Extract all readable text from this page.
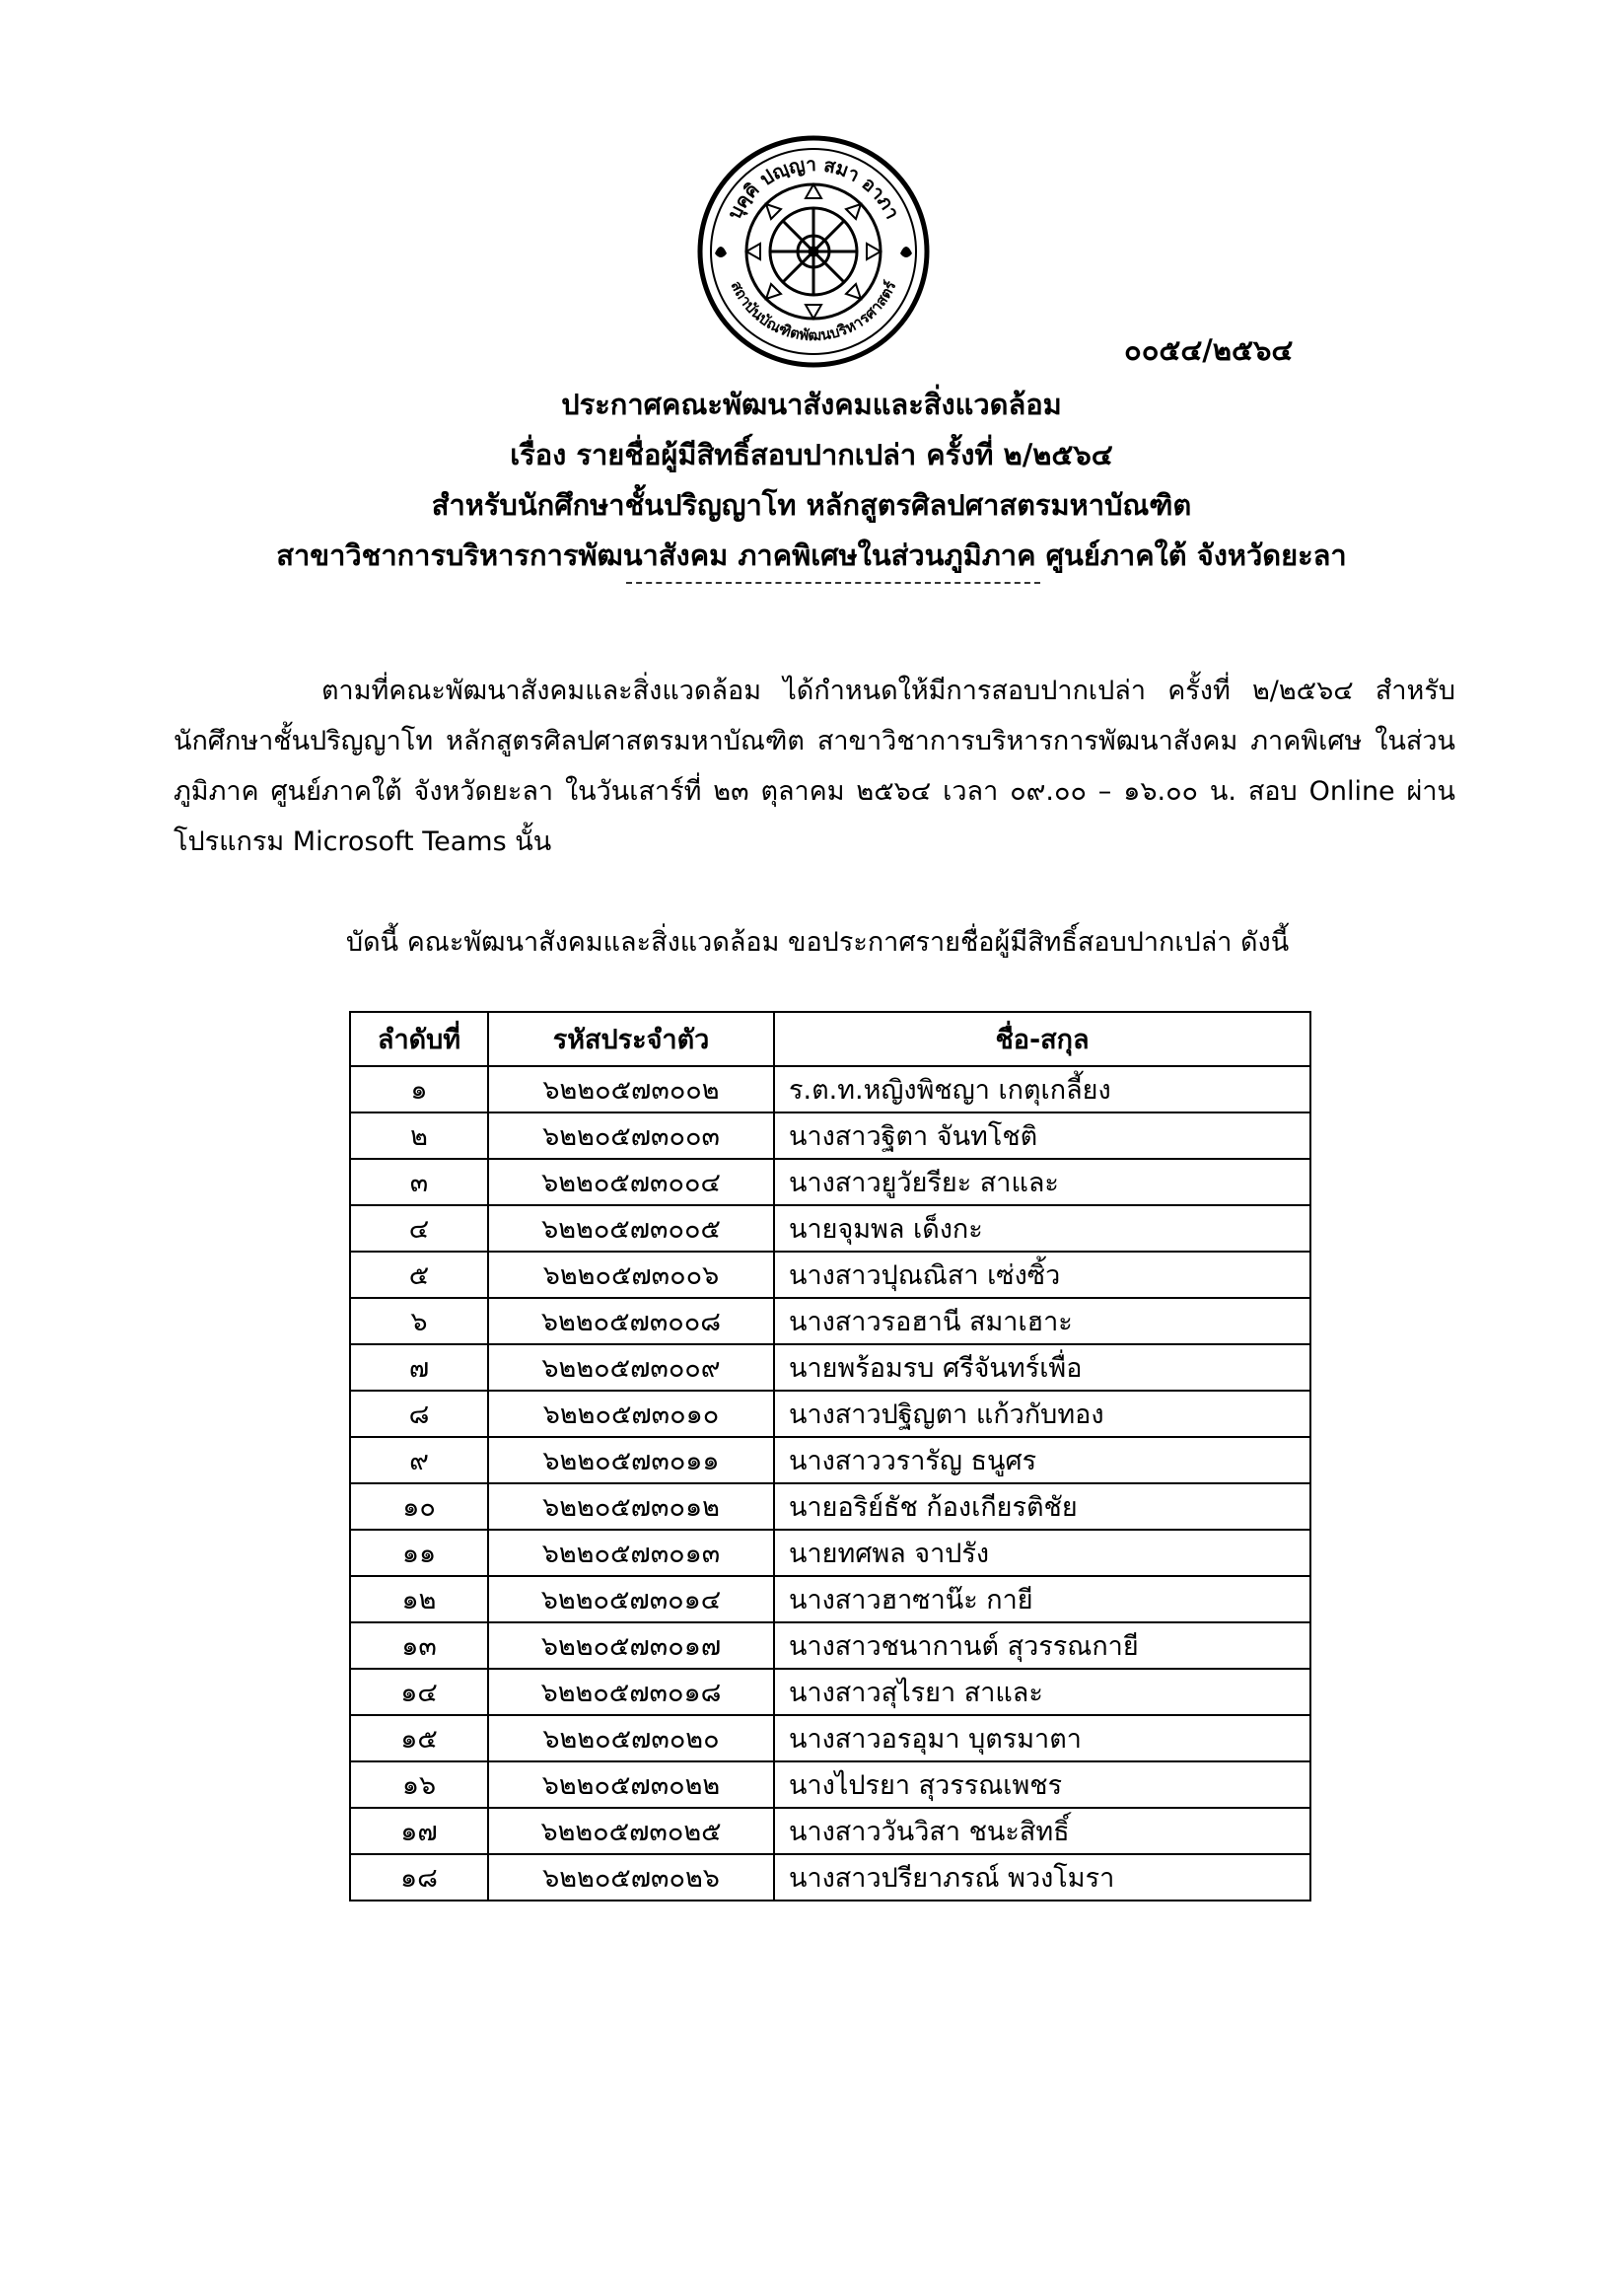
บุคฺคิ ปญฺญา สมา อาภา
สถาบันบัณฑิตพัฒนบริหารศาสตร์
๐๐๕๔/๒๕๖๔
ประกาศคณะพัฒนาสังคมและสิ่งแวดล้อม
เรื่อง รายชื่อผู้มีสิทธิ์สอบปากเปล่า ครั้งที่ ๒/๒๕๖๔
สำหรับนักศึกษาชั้นปริญญาโท หลักสูตรศิลปศาสตรมหาบัณฑิต
สาขาวิชาการบริหารการพัฒนาสังคม ภาคพิเศษในส่วนภูมิภาค ศูนย์ภาคใต้ จังหวัดยะลา
ตามที่คณะพัฒนาสังคมและสิ่งแวดล้อม ได้กำหนดให้มีการสอบปากเปล่า ครั้งที่ ๒/๒๕๖๔ สำหรับนักศึกษาชั้นปริญญาโท หลักสูตรศิลปศาสตรมหาบัณฑิต สาขาวิชาการบริหารการพัฒนาสังคม ภาคพิเศษ ในส่วนภูมิภาค ศูนย์ภาคใต้ จังหวัดยะลา ในวันเสาร์ที่ ๒๓ ตุลาคม ๒๕๖๔ เวลา ๐๙.๐๐ – ๑๖.๐๐ น. สอบ Online ผ่านโปรแกรม Microsoft Teams นั้น
บัดนี้ คณะพัฒนาสังคมและสิ่งแวดล้อม ขอประกาศรายชื่อผู้มีสิทธิ์สอบปากเปล่า ดังนี้
ลำดับที่	รหัสประจำตัว	ชื่อ-สกุล
๑	๖๒๒๐๕๗๓๐๐๒	ร.ต.ท.หญิงพิชญา เกตุเกลี้ยง
๒	๖๒๒๐๕๗๓๐๐๓	นางสาวฐิตา จันทโชติ
๓	๖๒๒๐๕๗๓๐๐๔	นางสาวยูวัยรียะ สาและ
๔	๖๒๒๐๕๗๓๐๐๕	นายจุมพล เด็งกะ
๕	๖๒๒๐๕๗๓๐๐๖	นางสาวปุณณิสา เซ่งซิ้ว
๖	๖๒๒๐๕๗๓๐๐๘	นางสาวรอฮานี สมาเฮาะ
๗	๖๒๒๐๕๗๓๐๐๙	นายพร้อมรบ ศรีจันทร์เพื่อ
๘	๖๒๒๐๕๗๓๐๑๐	นางสาวปฐิญตา แก้วกับทอง
๙	๖๒๒๐๕๗๓๐๑๑	นางสาววรารัญ ธนูศร
๑๐	๖๒๒๐๕๗๓๐๑๒	นายอริย์ธัช ก้องเกียรติชัย
๑๑	๖๒๒๐๕๗๓๐๑๓	นายทศพล จาปรัง
๑๒	๖๒๒๐๕๗๓๐๑๔	นางสาวฮาซาน๊ะ กายี
๑๓	๖๒๒๐๕๗๓๐๑๗	นางสาวชนากานต์ สุวรรณกายี
๑๔	๖๒๒๐๕๗๓๐๑๘	นางสาวสุไรยา สาและ
๑๕	๖๒๒๐๕๗๓๐๒๐	นางสาวอรอุมา บุตรมาตา
๑๖	๖๒๒๐๕๗๓๐๒๒	นางไปรยา สุวรรณเพชร
๑๗	๖๒๒๐๕๗๓๐๒๕	นางสาววันวิสา ชนะสิทธิ์
๑๘	๖๒๒๐๕๗๓๐๒๖	นางสาวปรียาภรณ์ พวงโมรา
